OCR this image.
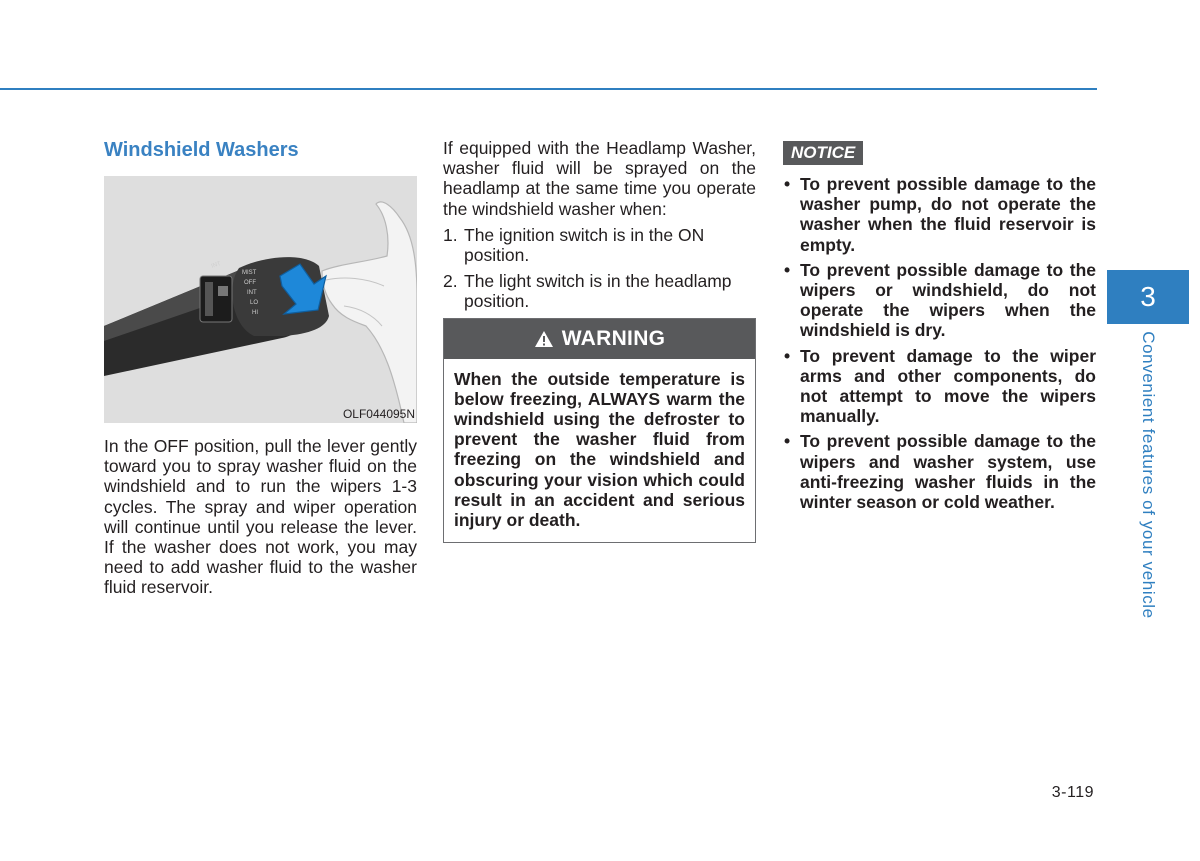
Windshield Washers
INT
MIST
OFF
INT
LO
HI
OLF044095N

In the OFF position, pull the lever gently toward you to spray washer fluid on the windshield and to run the wipers 1-3 cycles. The spray and wiper operation will continue until you release the lever. If the washer does not work, you may need to add washer fluid to the washer fluid reservoir.

If equipped with the Headlamp Washer, washer fluid will be sprayed on the headlamp at the same time you operate the windshield washer when:

1. The ignition switch is in the ON position.
2. The light switch is in the headlamp position.
WARNING
When the outside temperature is below freezing, ALWAYS warm the windshield using the defroster to prevent the washer fluid from freezing on the windshield and obscuring your vision which could result in an accident and serious injury or death.
NOTICE
• To prevent possible damage to the washer pump, do not operate the washer when the fluid reservoir is empty.
• To prevent possible damage to the wipers or windshield, do not operate the wipers when the windshield is dry.
• To prevent damage to the wiper arms and other components, do not attempt to move the wipers manually.
• To prevent possible damage to the wipers and washer system, use anti-freezing washer fluids in the winter season or cold weather.
3
Convenient features of your vehicle
3-119
